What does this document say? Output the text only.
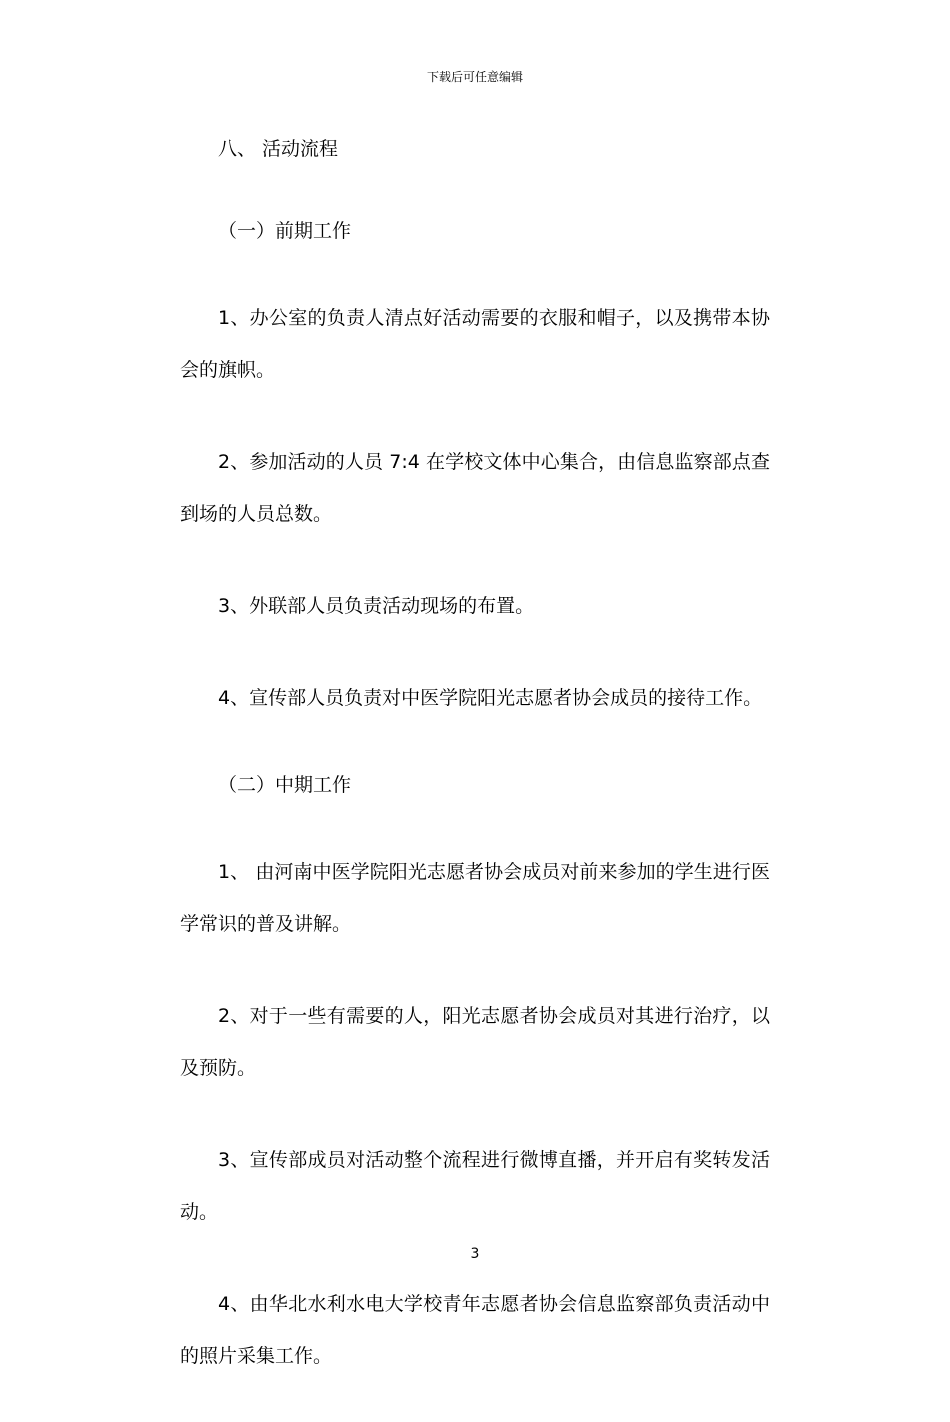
下载后可任意编辑
八、 活动流程
（一）前期工作
1、办公室的负责人清点好活动需要的衣服和帽子，以及携带本协会的旗帜。
2、参加活动的人员 7:4 在学校文体中心集合，由信息监察部点查到场的人员总数。
3、外联部人员负责活动现场的布置。
4、宣传部人员负责对中医学院阳光志愿者协会成员的接待工作。
（二）中期工作
1、 由河南中医学院阳光志愿者协会成员对前来参加的学生进行医学常识的普及讲解。
2、对于一些有需要的人，阳光志愿者协会成员对其进行治疗，以及预防。
3、宣传部成员对活动整个流程进行微博直播，并开启有奖转发活动。
4、由华北水利水电大学校青年志愿者协会信息监察部负责活动中的照片采集工作。
3
